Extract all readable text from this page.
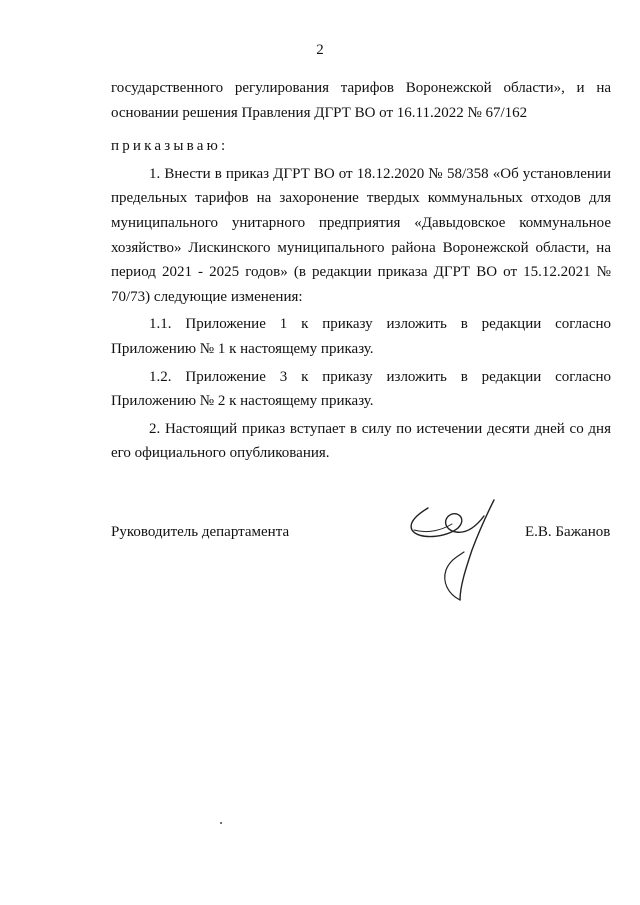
2

государственного регулирования тарифов Воронежской области», и на

основании решения Правления ДГРТ ВО от 16.11.2022 № 67/162

приказываю:

1. Внести в приказ ДГРТ ВО от 18.12.2020 № 58/358 «Об установлении предельных тарифов на захоронение твердых коммунальных отходов для муниципального унитарного предприятия «Давыдовское коммунальное хозяйство» Лискинского муниципального района Воронежской области, на период 2021 - 2025 годов» (в редакции приказа ДГРТ ВО от 15.12.2021 № 70/73) следующие изменения:

1.1. Приложение 1 к приказу изложить в редакции согласно Приложению № 1 к настоящему приказу.

1.2. Приложение 3 к приказу изложить в редакции согласно Приложению № 2 к настоящему приказу.

2. Настоящий приказ вступает в силу по истечении десяти дней со дня его официального опубликования.

Руководитель департамента	Е.В. Бажанов
